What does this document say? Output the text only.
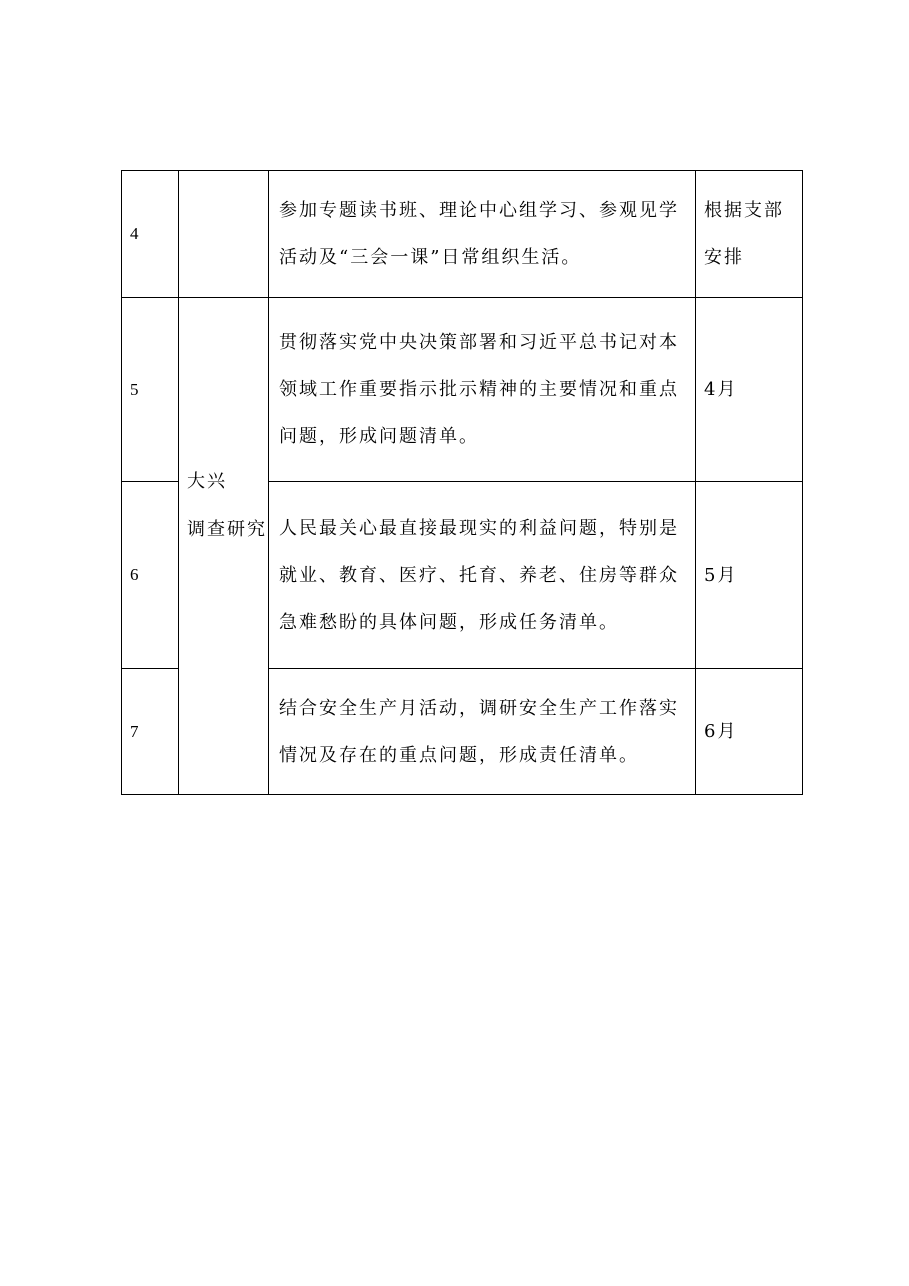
4		参加专题读书班、理论中心组学习、参观见学
活动及“三会一课”日常组织生活。	根据支部
安排

5	大兴
调查研究	贯彻落实党中央决策部署和习近平总书记对本
领域工作重要指示批示精神的主要情况和重点
问题，形成问题清单。	4月

6		人民最关心最直接最现实的利益问题，特别是
就业、教育、医疗、托育、养老、住房等群众
急难愁盼的具体问题，形成任务清单。	5月

7		结合安全生产月活动，调研安全生产工作落实
情况及存在的重点问题，形成责任清单。	6月
